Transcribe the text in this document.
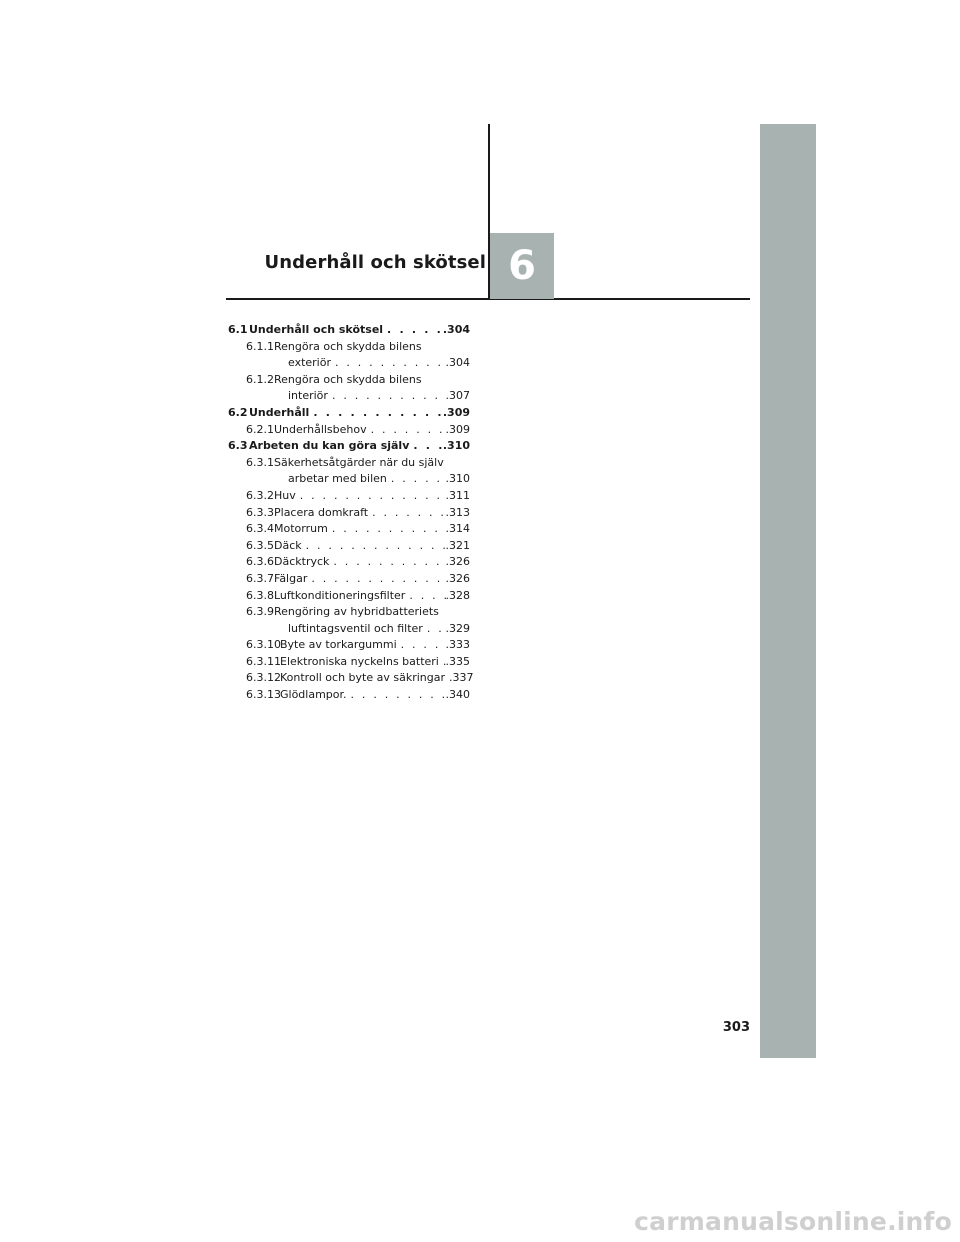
Underhåll och skötsel 6
6.1 Underhåll och skötsel . . .	.304
6.1.1 Rengöra och skydda bilens
exteriör . . .	.304
6.1.2 Rengöra och skydda bilens
interiör . . .	.307
6.2 Underhåll . . .	.309
6.2.1 Underhållsbehov . . .	.309
6.3 Arbeten du kan göra själv . . .	.310
6.3.1 Säkerhetsåtgärder när du själv
arbetar med bilen . . .	.310
6.3.2 Huv . . .	.311
6.3.3 Placera domkraft . . .	.313
6.3.4 Motorrum . . .	.314
6.3.5 Däck . . .	.321
6.3.6 Däcktryck . . .	.326
6.3.7 Fälgar . . .	.326
6.3.8 Luftkonditioneringsfilter . . .	.328
6.3.9 Rengöring av hybridbatteriets
luftintagsventil och filter . . . .329
6.3.10 Byte av torkargummi . . .	.333
6.3.11 Elektroniska nyckelns batteri . . . .335
6.3.12 Kontroll och byte av säkringar . . . .337
6.3.13 Glödlampor. . . .	.340
303
carmanualsonline.info
